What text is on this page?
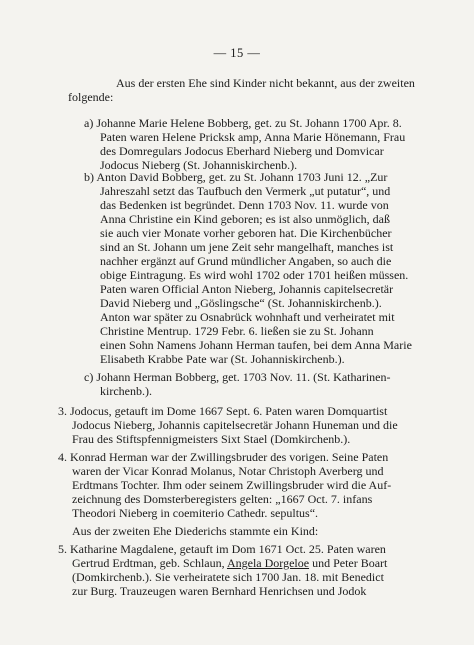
— 15 —
Aus der ersten Ehe sind Kinder nicht bekannt, aus der zweiten
folgende:
a) Johanne Marie Helene Bobberg, get. zu St. Johann 1700 Apr. 8.
Paten waren Helene Pricksk amp, Anna Marie Hönemann, Frau
des Domregulars Jodocus Eberhard Nieberg und Domvicar
Jodocus Nieberg (St. Johanniskirchenb.).
b) Anton David Bobberg, get. zu St. Johann 1703 Juni 12. „Zur
Jahreszahl setzt das Taufbuch den Vermerk „ut putatur“, und
das Bedenken ist begründet. Denn 1703 Nov. 11. wurde von
Anna Christine ein Kind geboren; es ist also unmöglich, daß
sie auch vier Monate vorher geboren hat. Die Kirchenbücher
sind an St. Johann um jene Zeit sehr mangelhaft, manches ist
nachher ergänzt auf Grund mündlicher Angaben, so auch die
obige Eintragung. Es wird wohl 1702 oder 1701 heißen müssen.
Paten waren Official Anton Nieberg, Johannis capitelsecretär
David Nieberg und „Göslingsche“ (St. Johanniskirchenb.).
Anton war später zu Osnabrück wohnhaft und verheiratet mit
Christine Mentrup. 1729 Febr. 6. ließen sie zu St. Johann
einen Sohn Namens Johann Herman taufen, bei dem Anna Marie
Elisabeth Krabbe Pate war (St. Johanniskirchenb.).
c) Johann Herman Bobberg, get. 1703 Nov. 11. (St. Katharinen-
kirchenb.).
3. Jodocus, getauft im Dome 1667 Sept. 6. Paten waren Domquartist
Jodocus Nieberg, Johannis capitelsecretär Johann Huneman und die
Frau des Stiftspfennigmeisters Sixt Stael (Domkirchenb.).
4. Konrad Herman war der Zwillingsbruder des vorigen. Seine Paten
waren der Vicar Konrad Molanus, Notar Christoph Averberg und
Erdtmans Tochter. Ihm oder seinem Zwillingsbruder wird die Auf-
zeichnung des Domsterberegisters gelten: „1667 Oct. 7. infans
Theodori Nieberg in coemiterio Cathedr. sepultus“.
Aus der zweiten Ehe Diederichs stammte ein Kind:
5. Katharine Magdalene, getauft im Dom 1671 Oct. 25. Paten waren
Gertrud Erdtman, geb. Schlaun, Angela Dorgeloe und Peter Boart
(Domkirchenb.). Sie verheiratete sich 1700 Jan. 18. mit Benedict
zur Burg. Trauzeugen waren Bernhard Henrichsen und Jodok
